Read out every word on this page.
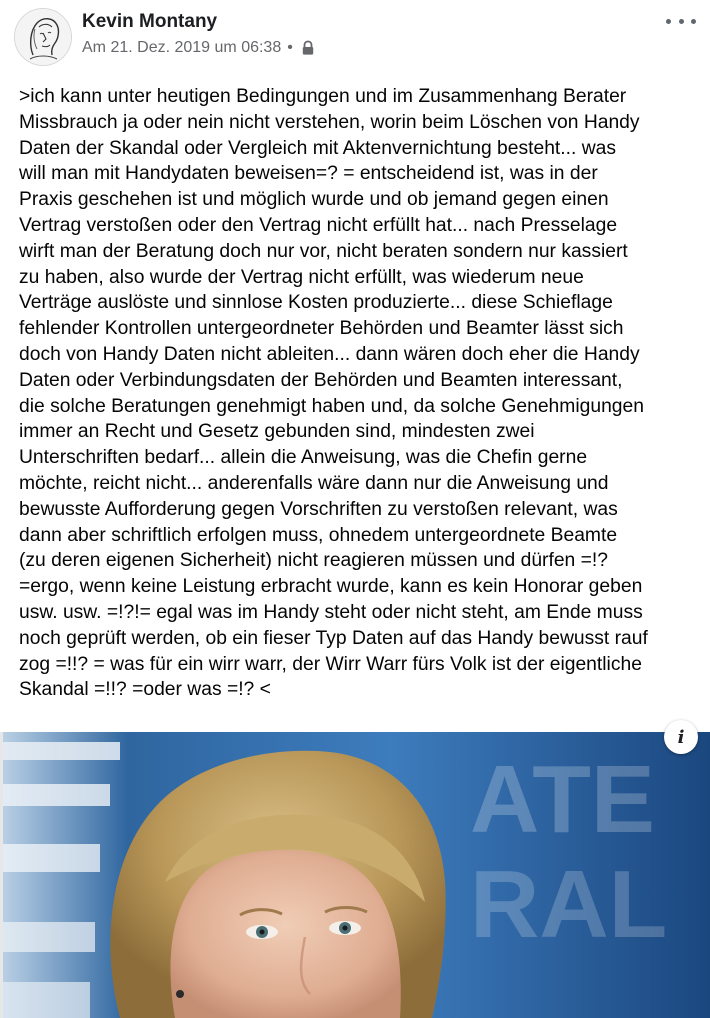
Kevin Montany
Am 21. Dez. 2019 um 06:38 •
>ich kann unter heutigen Bedingungen und im Zusammenhang Berater
Missbrauch ja oder nein nicht verstehen, worin beim Löschen von Handy
Daten der Skandal oder Vergleich mit Aktenvernichtung besteht... was
will man mit Handydaten beweisen=? = entscheidend ist, was in der
Praxis geschehen ist und möglich wurde und ob jemand gegen einen
Vertrag verstoßen oder den Vertrag nicht erfüllt hat... nach Presselage
wirft man der Beratung doch nur vor, nicht beraten sondern nur kassiert
zu haben, also wurde der Vertrag nicht erfüllt, was wiederum neue
Verträge auslöste und sinnlose Kosten produzierte... diese Schieflage
fehlender Kontrollen untergeordneter Behörden und Beamter lässt sich
doch von Handy Daten nicht ableiten... dann wären doch eher die Handy
Daten oder Verbindungsdaten der Behörden und Beamten interessant,
die solche Beratungen genehmigt haben und, da solche Genehmigungen
immer an Recht und Gesetz gebunden sind, mindesten zwei
Unterschriften bedarf... allein die Anweisung, was die Chefin gerne
möchte, reicht nicht... anderenfalls wäre dann nur die Anweisung und
bewusste Aufforderung gegen Vorschriften zu verstoßen relevant, was
dann aber schriftlich erfolgen muss, ohnedem untergeordnete Beamte
(zu deren eigenen Sicherheit) nicht reagieren müssen und dürfen =!?
=ergo, wenn keine Leistung erbracht wurde, kann es kein Honorar geben
usw. usw. =!?!= egal was im Handy steht oder nicht steht, am Ende muss
noch geprüft werden, ob ein fieser Typ Daten auf das Handy bewusst rauf
zog =!!? = was für ein wirr warr, der Wirr Warr fürs Volk ist der eigentliche
Skandal =!!? =oder was =!? <
ATE
RAL
i
